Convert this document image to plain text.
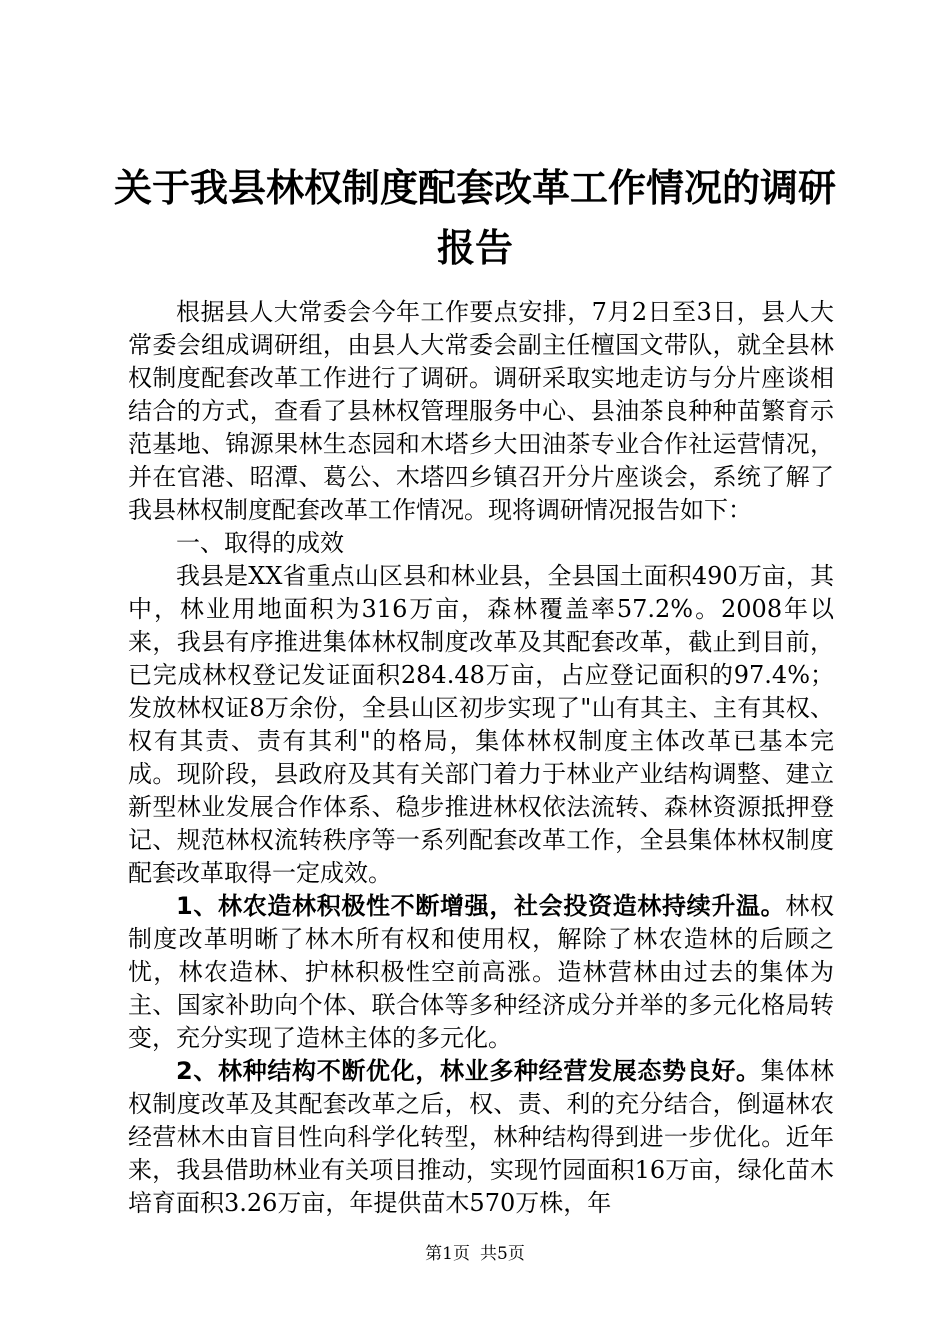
关于我县林权制度配套改革工作情况的调研报告

根据县人大常委会今年工作要点安排，7月2日至3日，县人大常委会组成调研组，由县人大常委会副主任檀国文带队，就全县林权制度配套改革工作进行了调研。调研采取实地走访与分片座谈相结合的方式，查看了县林权管理服务中心、县油茶良种种苗繁育示范基地、锦源果林生态园和木塔乡大田油茶专业合作社运营情况，并在官港、昭潭、葛公、木塔四乡镇召开分片座谈会，系统了解了我县林权制度配套改革工作情况。现将调研情况报告如下：

一、取得的成效

我县是XX省重点山区县和林业县，全县国土面积490万亩，其中，林业用地面积为316万亩，森林覆盖率57.2%。2008年以来，我县有序推进集体林权制度改革及其配套改革，截止到目前，已完成林权登记发证面积284.48万亩，占应登记面积的97.4%；发放林权证8万余份，全县山区初步实现了"山有其主、主有其权、权有其责、责有其利"的格局，集体林权制度主体改革已基本完成。现阶段，县政府及其有关部门着力于林业产业结构调整、建立新型林业发展合作体系、稳步推进林权依法流转、森林资源抵押登记、规范林权流转秩序等一系列配套改革工作，全县集体林权制度配套改革取得一定成效。

1、林农造林积极性不断增强，社会投资造林持续升温。林权制度改革明晰了林木所有权和使用权，解除了林农造林的后顾之忧，林农造林、护林积极性空前高涨。造林营林由过去的集体为主、国家补助向个体、联合体等多种经济成分并举的多元化格局转变，充分实现了造林主体的多元化。

2、林种结构不断优化，林业多种经营发展态势良好。集体林权制度改革及其配套改革之后，权、责、利的充分结合，倒逼林农经营林木由盲目性向科学化转型，林种结构得到进一步优化。近年来，我县借助林业有关项目推动，实现竹园面积16万亩，绿化苗木培育面积3.26万亩，年提供苗木570万株，年

第1页 共5页
